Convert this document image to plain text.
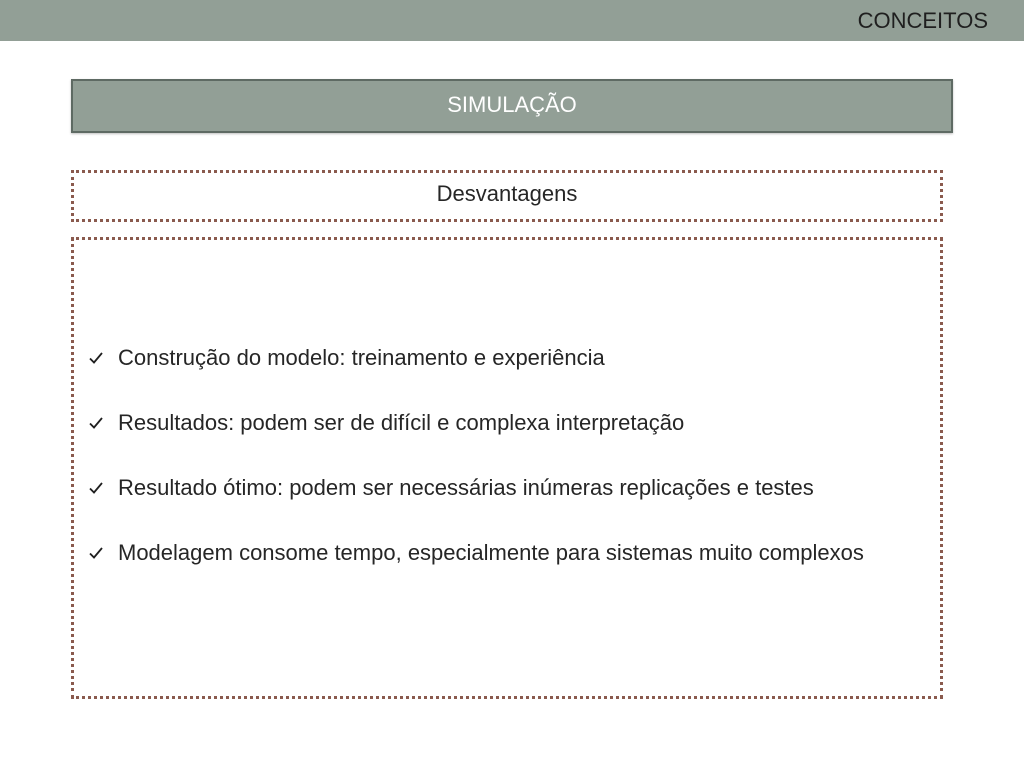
CONCEITOS
SIMULAÇÃO
Desvantagens
Construção do modelo: treinamento e experiência
Resultados: podem ser de difícil e complexa interpretação
Resultado ótimo: podem ser necessárias inúmeras replicações e testes
Modelagem consome tempo, especialmente para sistemas muito complexos
